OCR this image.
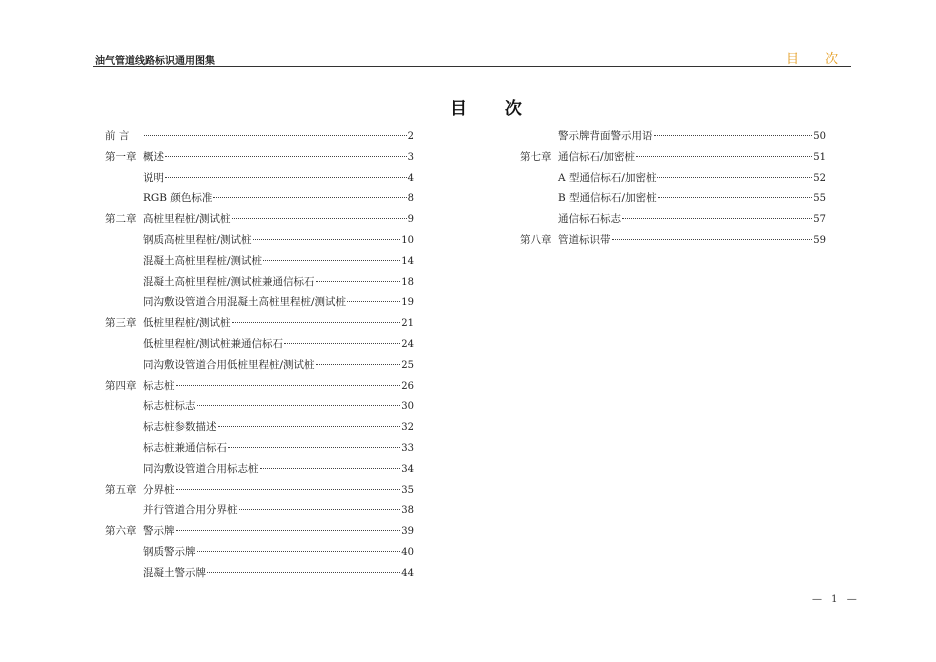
油气管道线路标识通用图集	目 次
目 次
前 言	2
第一章 概述	3
说明	4
RGB 颜色标准	8
第二章 高桩里程桩/测试桩	9
钢质高桩里程桩/测试桩	10
混凝土高桩里程桩/测试桩	14
混凝土高桩里程桩/测试桩兼通信标石	18
同沟敷设管道合用混凝土高桩里程桩/测试桩	19
第三章 低桩里程桩/测试桩	21
低桩里程桩/测试桩兼通信标石	24
同沟敷设管道合用低桩里程桩/测试桩	25
第四章 标志桩	26
标志桩标志	30
标志桩参数描述	32
标志桩兼通信标石	33
同沟敷设管道合用标志桩	34
第五章 分界桩	35
并行管道合用分界桩	38
第六章 警示牌	39
钢质警示牌	40
混凝土警示牌	44
警示牌背面警示用语	50
第七章 通信标石/加密桩	51
A 型通信标石/加密桩	52
B 型通信标石/加密桩	55
通信标石标志	57
第八章 管道标识带	59
— 1 —
